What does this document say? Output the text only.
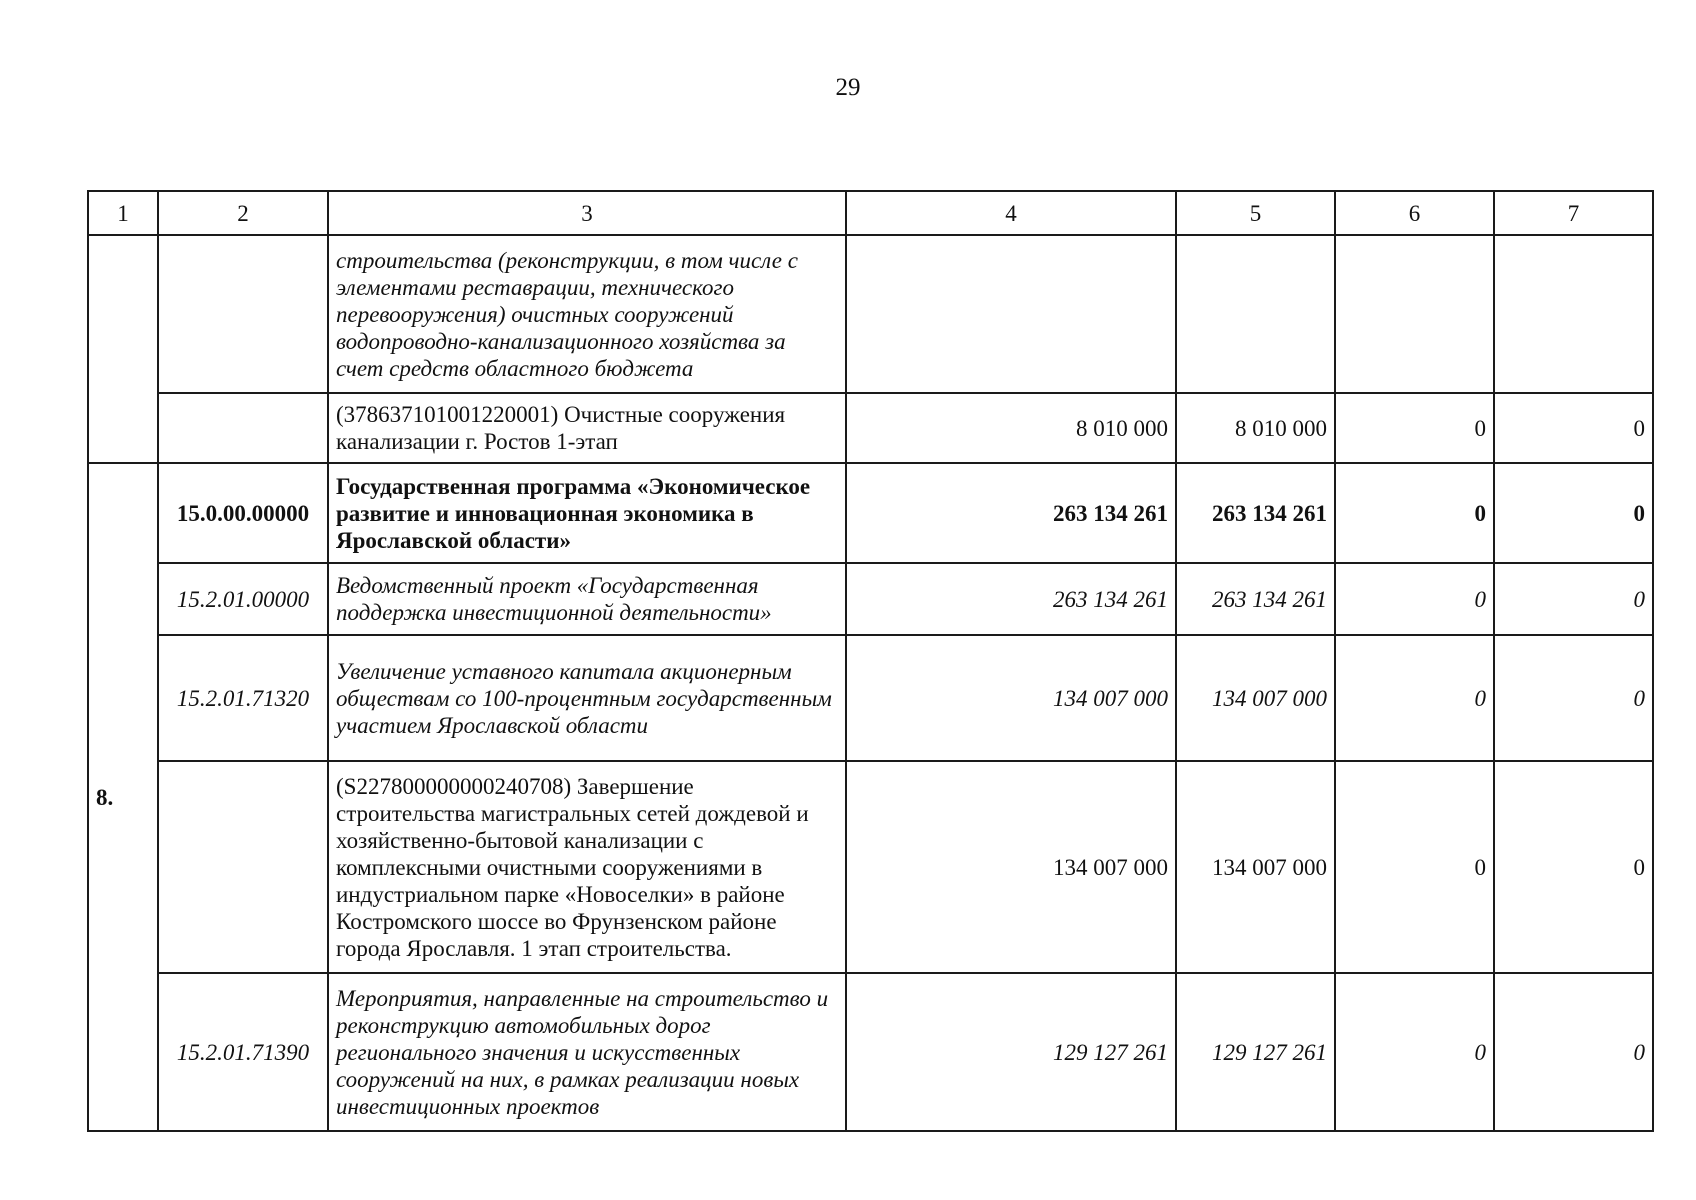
29
1	2	3	4	5	6	7
		строительства (реконструкции, в том числе с элементами реставрации, технического перевооружения) очистных сооружений водопроводно-канализационного хозяйства за счет средств областного бюджета				
		(378637101001220001) Очистные сооружения канализации г. Ростов 1-этап	8 010 000	8 010 000	0	0
8.	15.0.00.00000	Государственная программа «Экономическое развитие и инновационная экономика в Ярославской области»	263 134 261	263 134 261	0	0
	15.2.01.00000	Ведомственный проект «Государственная поддержка инвестиционной деятельности»	263 134 261	263 134 261	0	0
	15.2.01.71320	Увеличение уставного капитала акционерным обществам со 100-процентным государственным участием Ярославской области	134 007 000	134 007 000	0	0
		(S227800000000240708) Завершение строительства магистральных сетей дождевой и хозяйственно-бытовой канализации с комплексными очистными сооружениями в индустриальном парке «Новоселки» в районе Костромского шоссе во Фрунзенском районе города Ярославля. 1 этап строительства.	134 007 000	134 007 000	0	0
	15.2.01.71390	Мероприятия, направленные на строительство и реконструкцию автомобильных дорог регионального значения и искусственных сооружений на них, в рамках реализации новых инвестиционных проектов	129 127 261	129 127 261	0	0
